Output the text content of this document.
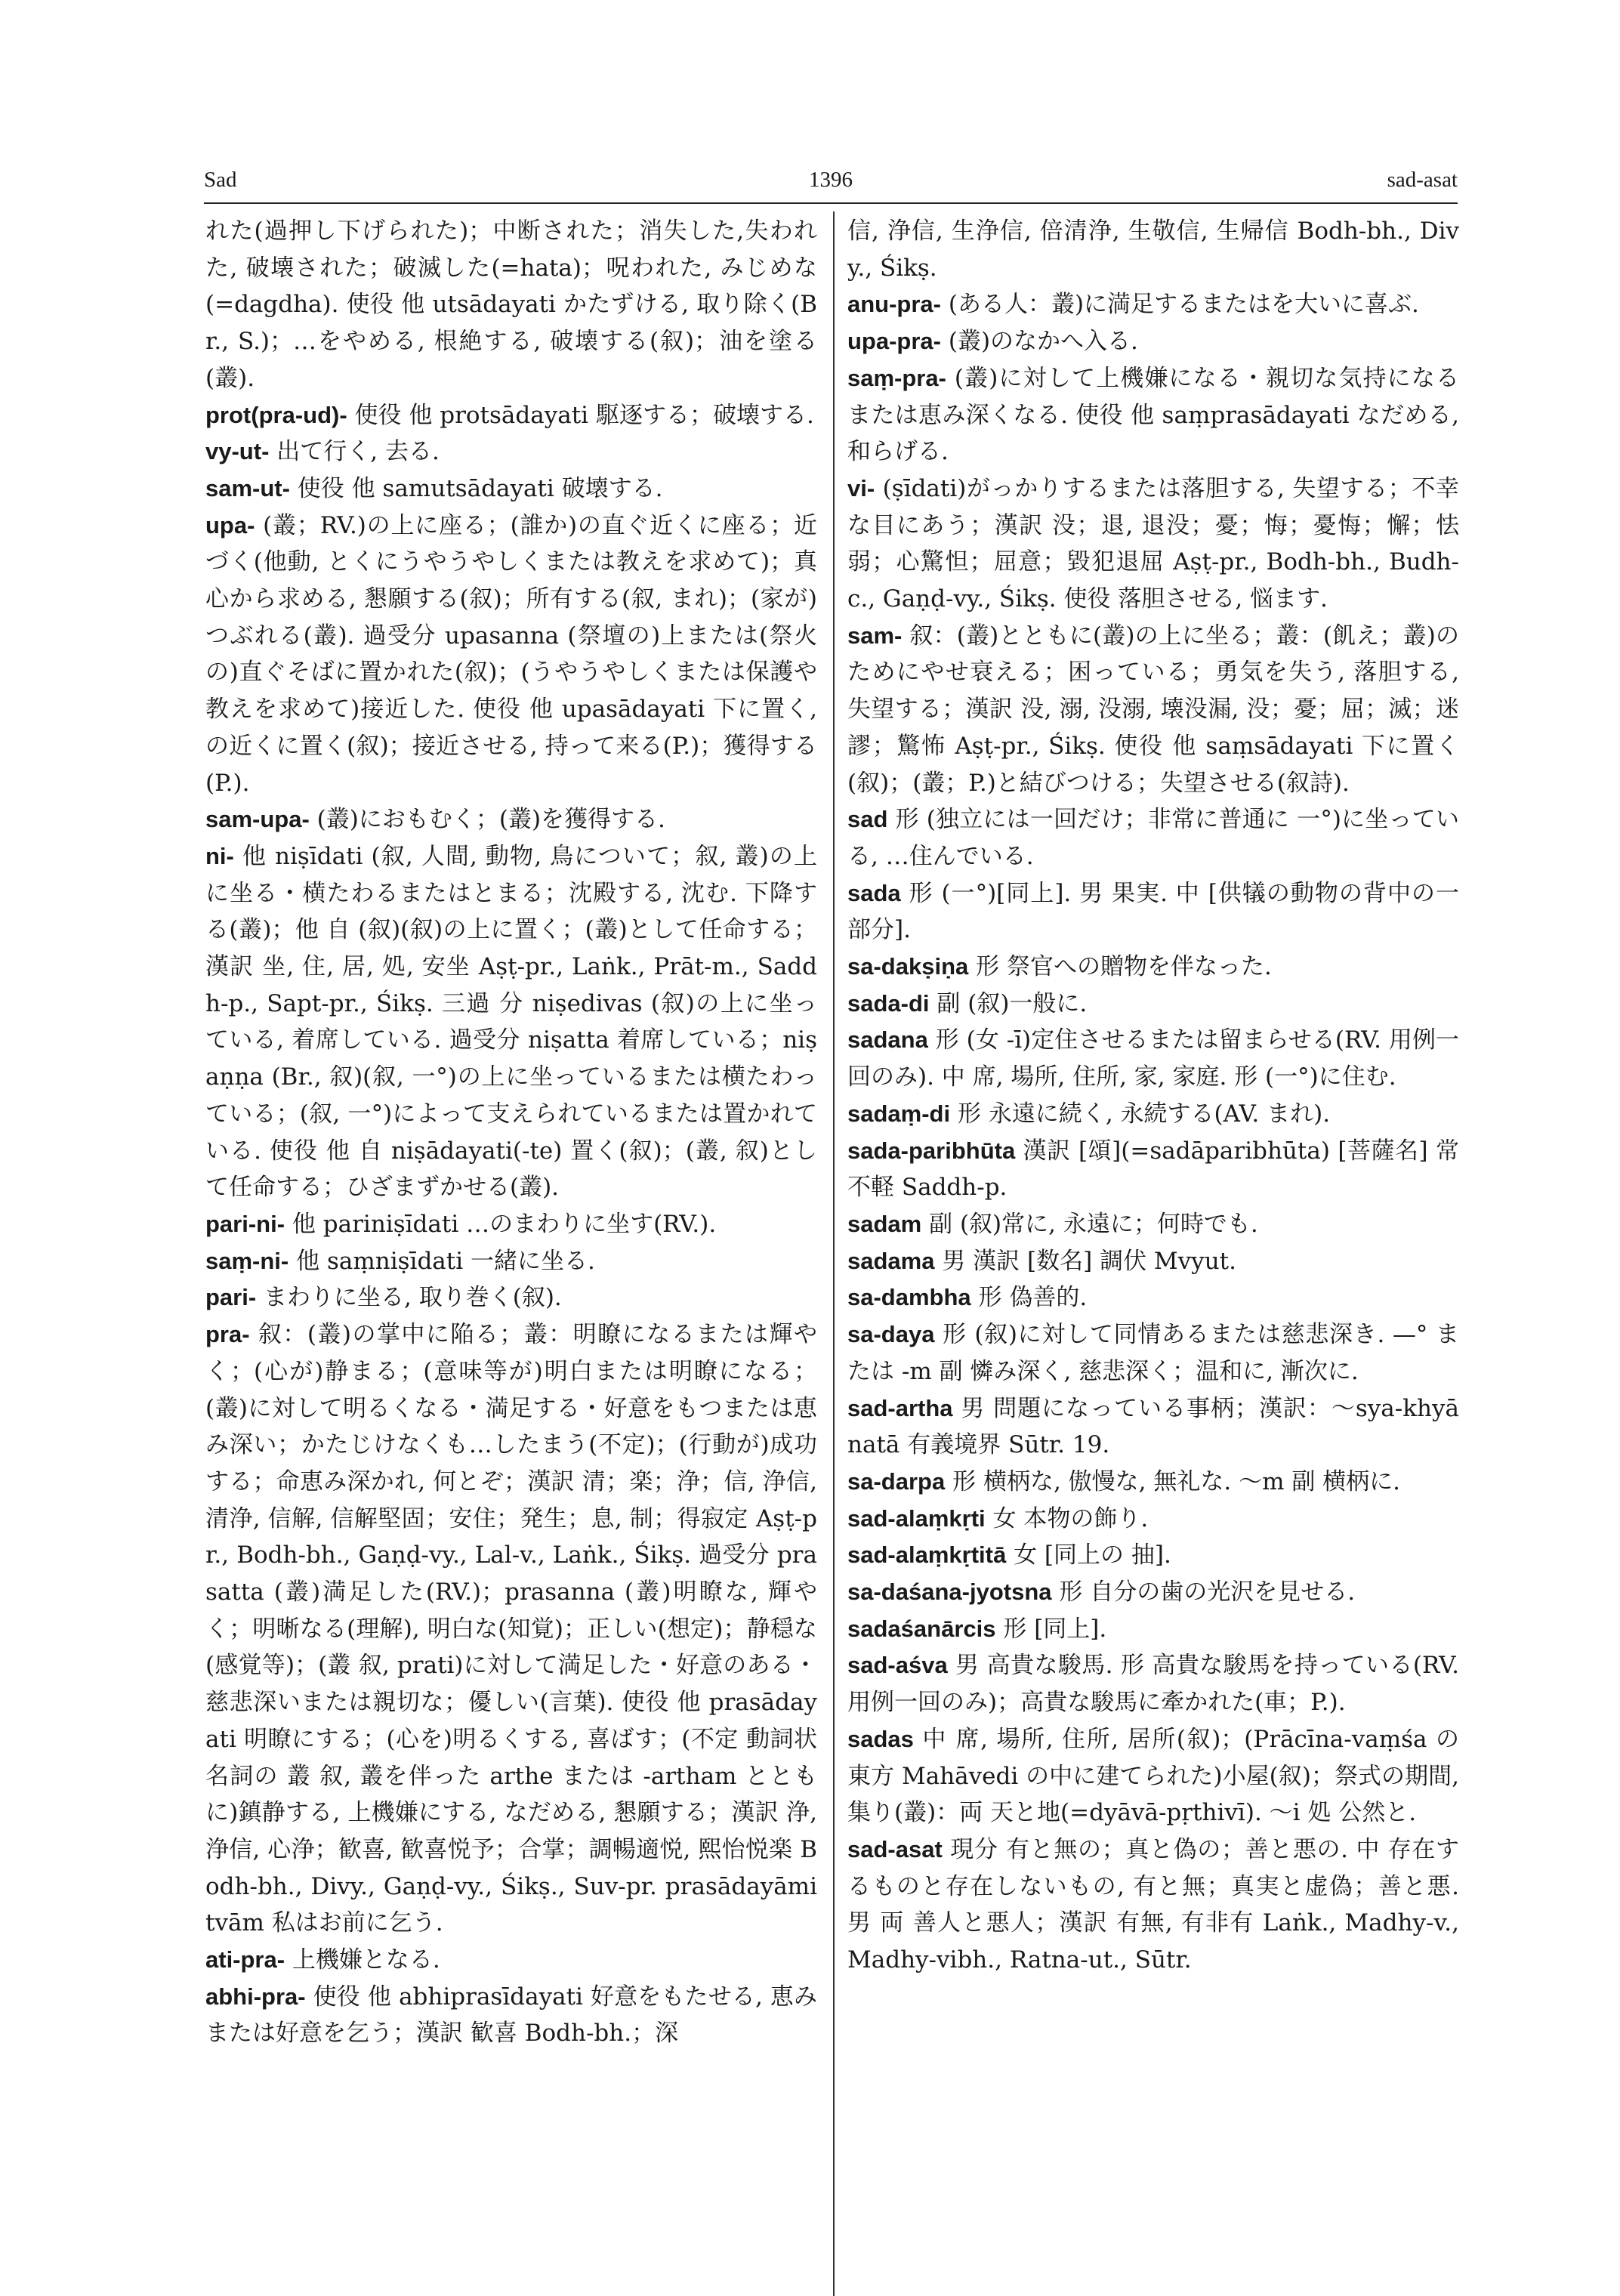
Sad	1396	sad-asat

れた(過押し下げられた)；中断された；消失した,失われた, 破壊された；破滅した(=hata)；呪われた, みじめな(=dagdha). 使役 他 utsādayati かたずける, 取り除く(Br., S.)；…をやめる, 根絶する, 破壊する(叙)；油を塗る(叢).

prot(pra-ud)- 使役 他 protsādayati 駆逐する；破壊する.

vy-ut- 出て行く, 去る.

sam-ut- 使役 他 samutsādayati 破壊する.

upa- (叢；RV.)の上に座る；(誰か)の直ぐ近くに座る；近づく(他動, とくにうやうやしくまたは教えを求めて)；真心から求める, 懇願する(叙)；所有する(叙, まれ)；(家が)つぶれる(叢). 過受分 upasanna (祭壇の)上または(祭火の)直ぐそばに置かれた(叙)；(うやうやしくまたは保護や教えを求めて)接近した. 使役 他 upasādayati 下に置く, の近くに置く(叙)；接近させる, 持って来る(P.)；獲得する(P.).

sam-upa- (叢)におもむく；(叢)を獲得する.

ni- 他 niṣīdati (叙, 人間, 動物, 鳥について；叙, 叢)の上に坐る・横たわるまたはとまる；沈殿する, 沈む. 下降する(叢)；他 自 (叙)(叙)の上に置く；(叢)として任命する；漢訳 坐, 住, 居, 処, 安坐 Aṣṭ-pr., Laṅk., Prāt-m., Saddh-p., Sapt-pr., Śikṣ. 三過 分 niṣedivas (叙)の上に坐っている, 着席している. 過受分 niṣatta 着席している；niṣaṇṇa (Br., 叙)(叙, 一°)の上に坐っているまたは横たわっている；(叙, 一°)によって支えられているまたは置かれている. 使役 他 自 niṣādayati(-te) 置く(叙)；(叢, 叙)として任命する；ひざまずかせる(叢).

pari-ni- 他 pariniṣīdati …のまわりに坐す(RV.).

saṃ-ni- 他 saṃniṣīdati 一緒に坐る.

pari- まわりに坐る, 取り巻く(叙).

pra- 叙：(叢)の掌中に陥る；叢：明瞭になるまたは輝やく；(心が)静まる；(意味等が)明白または明瞭になる；(叢)に対して明るくなる・満足する・好意をもつまたは恵み深い；かたじけなくも…したまう(不定)；(行動が)成功する；命恵み深かれ, 何とぞ；漢訳 清；楽；浄；信, 浄信, 清浄, 信解, 信解堅固；安住；発生；息, 制；得寂定 Aṣṭ-pr., Bodh-bh., Gaṇḍ-vy., Lal-v., Laṅk., Śikṣ. 過受分 prasatta (叢)満足した(RV.)；prasanna (叢)明瞭な, 輝やく；明晰なる(理解), 明白な(知覚)；正しい(想定)；静穏な(感覚等)；(叢 叙, prati)に対して満足した・好意のある・慈悲深いまたは親切な；優しい(言葉). 使役 他 prasādayati 明瞭にする；(心を)明るくする, 喜ばす；(不定 動詞状名詞の 叢 叙, 叢を伴った arthe または -artham とともに)鎮静する, 上機嫌にする, なだめる, 懇願する；漢訳 浄, 浄信, 心浄；歓喜, 歓喜悦予；合掌；調暢適悦, 熙怡悦楽 Bodh-bh., Divy., Gaṇḍ-vy., Śikṣ., Suv-pr. prasādayāmi tvām 私はお前に乞う.

ati-pra- 上機嫌となる.

abhi-pra- 使役 他 abhiprasīdayati 好意をもたせる, 恵みまたは好意を乞う；漢訳 歓喜 Bodh-bh.；深

信, 浄信, 生浄信, 倍清浄, 生敬信, 生帰信 Bodh-bh., Divy., Śikṣ.

anu-pra- (ある人：叢)に満足するまたはを大いに喜ぶ.

upa-pra- (叢)のなかへ入る.

saṃ-pra- (叢)に対して上機嫌になる・親切な気持になるまたは恵み深くなる. 使役 他 saṃprasādayati なだめる, 和らげる.

vi- (ṣīdati)がっかりするまたは落胆する, 失望する；不幸な目にあう；漢訳 没；退, 退没；憂；悔；憂悔；懈；怯弱；心驚怛；屈意；毀犯退屈 Aṣṭ-pr., Bodh-bh., Budh-c., Gaṇḍ-vy., Śikṣ. 使役 落胆させる, 悩ます.

sam- 叙：(叢)とともに(叢)の上に坐る；叢：(飢え；叢)のためにやせ衰える；困っている；勇気を失う, 落胆する, 失望する；漢訳 没, 溺, 没溺, 壊没漏, 没；憂；屈；滅；迷謬；驚怖 Aṣṭ-pr., Śikṣ. 使役 他 saṃsādayati 下に置く(叙)；(叢；P.)と結びつける；失望させる(叙詩).

sad 形 (独立には一回だけ；非常に普通に 一°)に坐っている, …住んでいる.

sada 形 (一°)[同上]. 男 果実. 中 [供犠の動物の背中の一部分].

sa-dakṣiṇa 形 祭官への贈物を伴なった.

sada-di 副 (叙)一般に.

sadana 形 (女 -ī)定住させるまたは留まらせる(RV. 用例一回のみ). 中 席, 場所, 住所, 家, 家庭. 形 (一°)に住む.

sadaṃ-di 形 永遠に続く, 永続する(AV. まれ).

sada-paribhūta 漢訳 [頌](=sadāparibhūta) [菩薩名] 常不軽 Saddh-p.

sadam 副 (叙)常に, 永遠に；何時でも.

sadama 男 漢訳 [数名] 調伏 Mvyut.

sa-dambha 形 偽善的.

sa-daya 形 (叙)に対して同情あるまたは慈悲深き. —° または -m 副 憐み深く, 慈悲深く；温和に, 漸次に.

sad-artha 男 問題になっている事柄；漢訳：～sya-khyānatā 有義境界 Sūtr. 19.

sa-darpa 形 横柄な, 傲慢な, 無礼な. ～m 副 横柄に.

sad-alaṃkṛti 女 本物の飾り.

sad-alaṃkṛtitā 女 [同上の 抽].

sa-daśana-jyotsna 形 自分の歯の光沢を見せる.

sadaśanārcis 形 [同上].

sad-aśva 男 高貴な駿馬. 形 高貴な駿馬を持っている(RV. 用例一回のみ)；高貴な駿馬に牽かれた(車；P.).

sadas 中 席, 場所, 住所, 居所(叙)；(Prācīna-vaṃśa の東方 Mahāvedi の中に建てられた)小屋(叙)；祭式の期間, 集り(叢)：両 天と地(=dyāvā-pṛthivī). ～i 処 公然と.

sad-asat 現分 有と無の；真と偽の；善と悪の. 中 存在するものと存在しないもの, 有と無；真実と虚偽；善と悪. 男 両 善人と悪人；漢訳 有無, 有非有 Laṅk., Madhy-v., Madhy-vibh., Ratna-ut., Sūtr.
